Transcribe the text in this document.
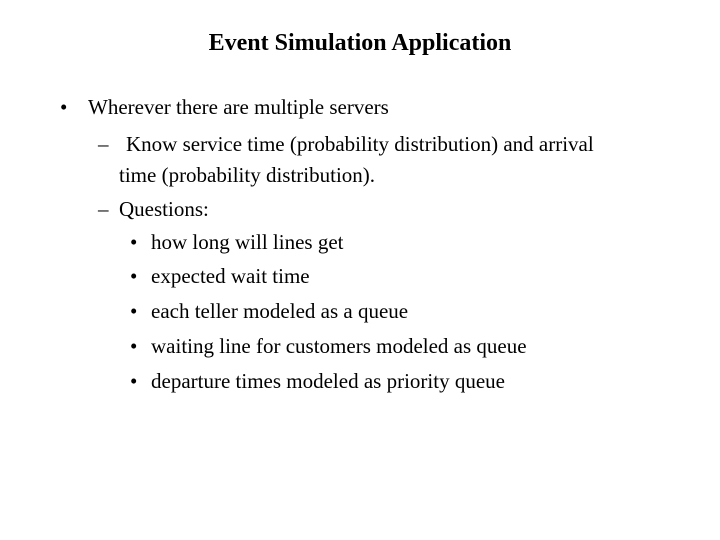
Event Simulation Application
• Wherever there are multiple servers
– Know service time (probability distribution) and arrival
time (probability distribution).
– Questions:
• how long will lines get
• expected wait time
• each teller modeled as a queue
• waiting line for customers modeled as queue
• departure times modeled as priority queue
